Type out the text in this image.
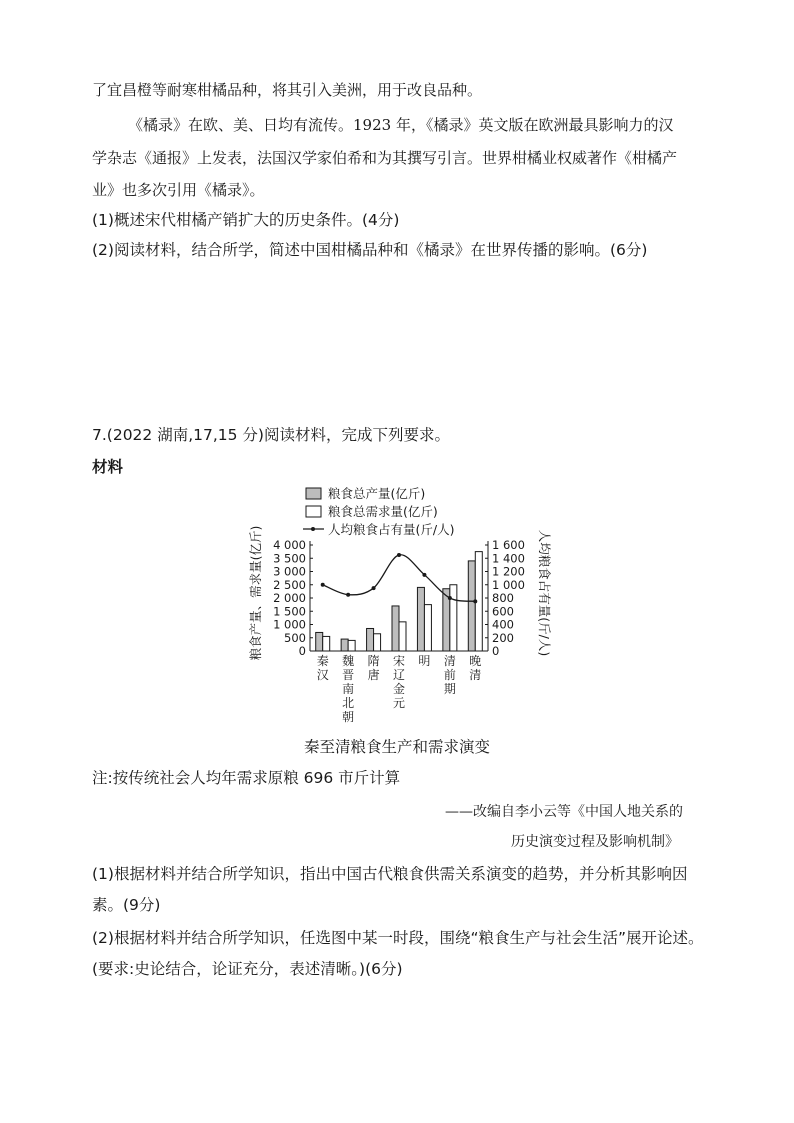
了宜昌橙等耐寒柑橘品种，将其引入美洲，用于改良品种。
《橘录》在欧、美、日均有流传。1923 年，《橘录》英文版在欧洲最具影响力的汉
学杂志《通报》上发表，法国汉学家伯希和为其撰写引言。世界柑橘业权威著作《柑橘产
业》也多次引用《橘录》。
(1)概述宋代柑橘产销扩大的历史条件。(4分)
(2)阅读材料，结合所学，简述中国柑橘品种和《橘录》在世界传播的影响。(6分)
7.(2022 湖南,17,15 分)阅读材料，完成下列要求。
材料
粮食总产量(亿斤)
粮食总需求量(亿斤)
人均粮食占有量(斤/人)
粮食产量、需求量(亿斤)	人均粮食占有量(斤/人)
0
500
1 000
1 500
2 000
2 500
3 000
3 500
4 000
0
200
400
600
800
1 000
1 200
1 400
1 600
秦
汉
魏
晋
南
北
朝
隋
唐
宋
辽
金
元
明 清
前
期
晚
清
秦至清粮食生产和需求演变
注:按传统社会人均年需求原粮 696 市斤计算
——改编自李小云等《中国人地关系的
历史演变过程及影响机制》
(1)根据材料并结合所学知识，指出中国古代粮食供需关系演变的趋势，并分析其影响因
素。(9分)
(2)根据材料并结合所学知识，任选图中某一时段，围绕“粮食生产与社会生活”展开论述。
(要求:史论结合，论证充分，表述清晰。)(6分)
